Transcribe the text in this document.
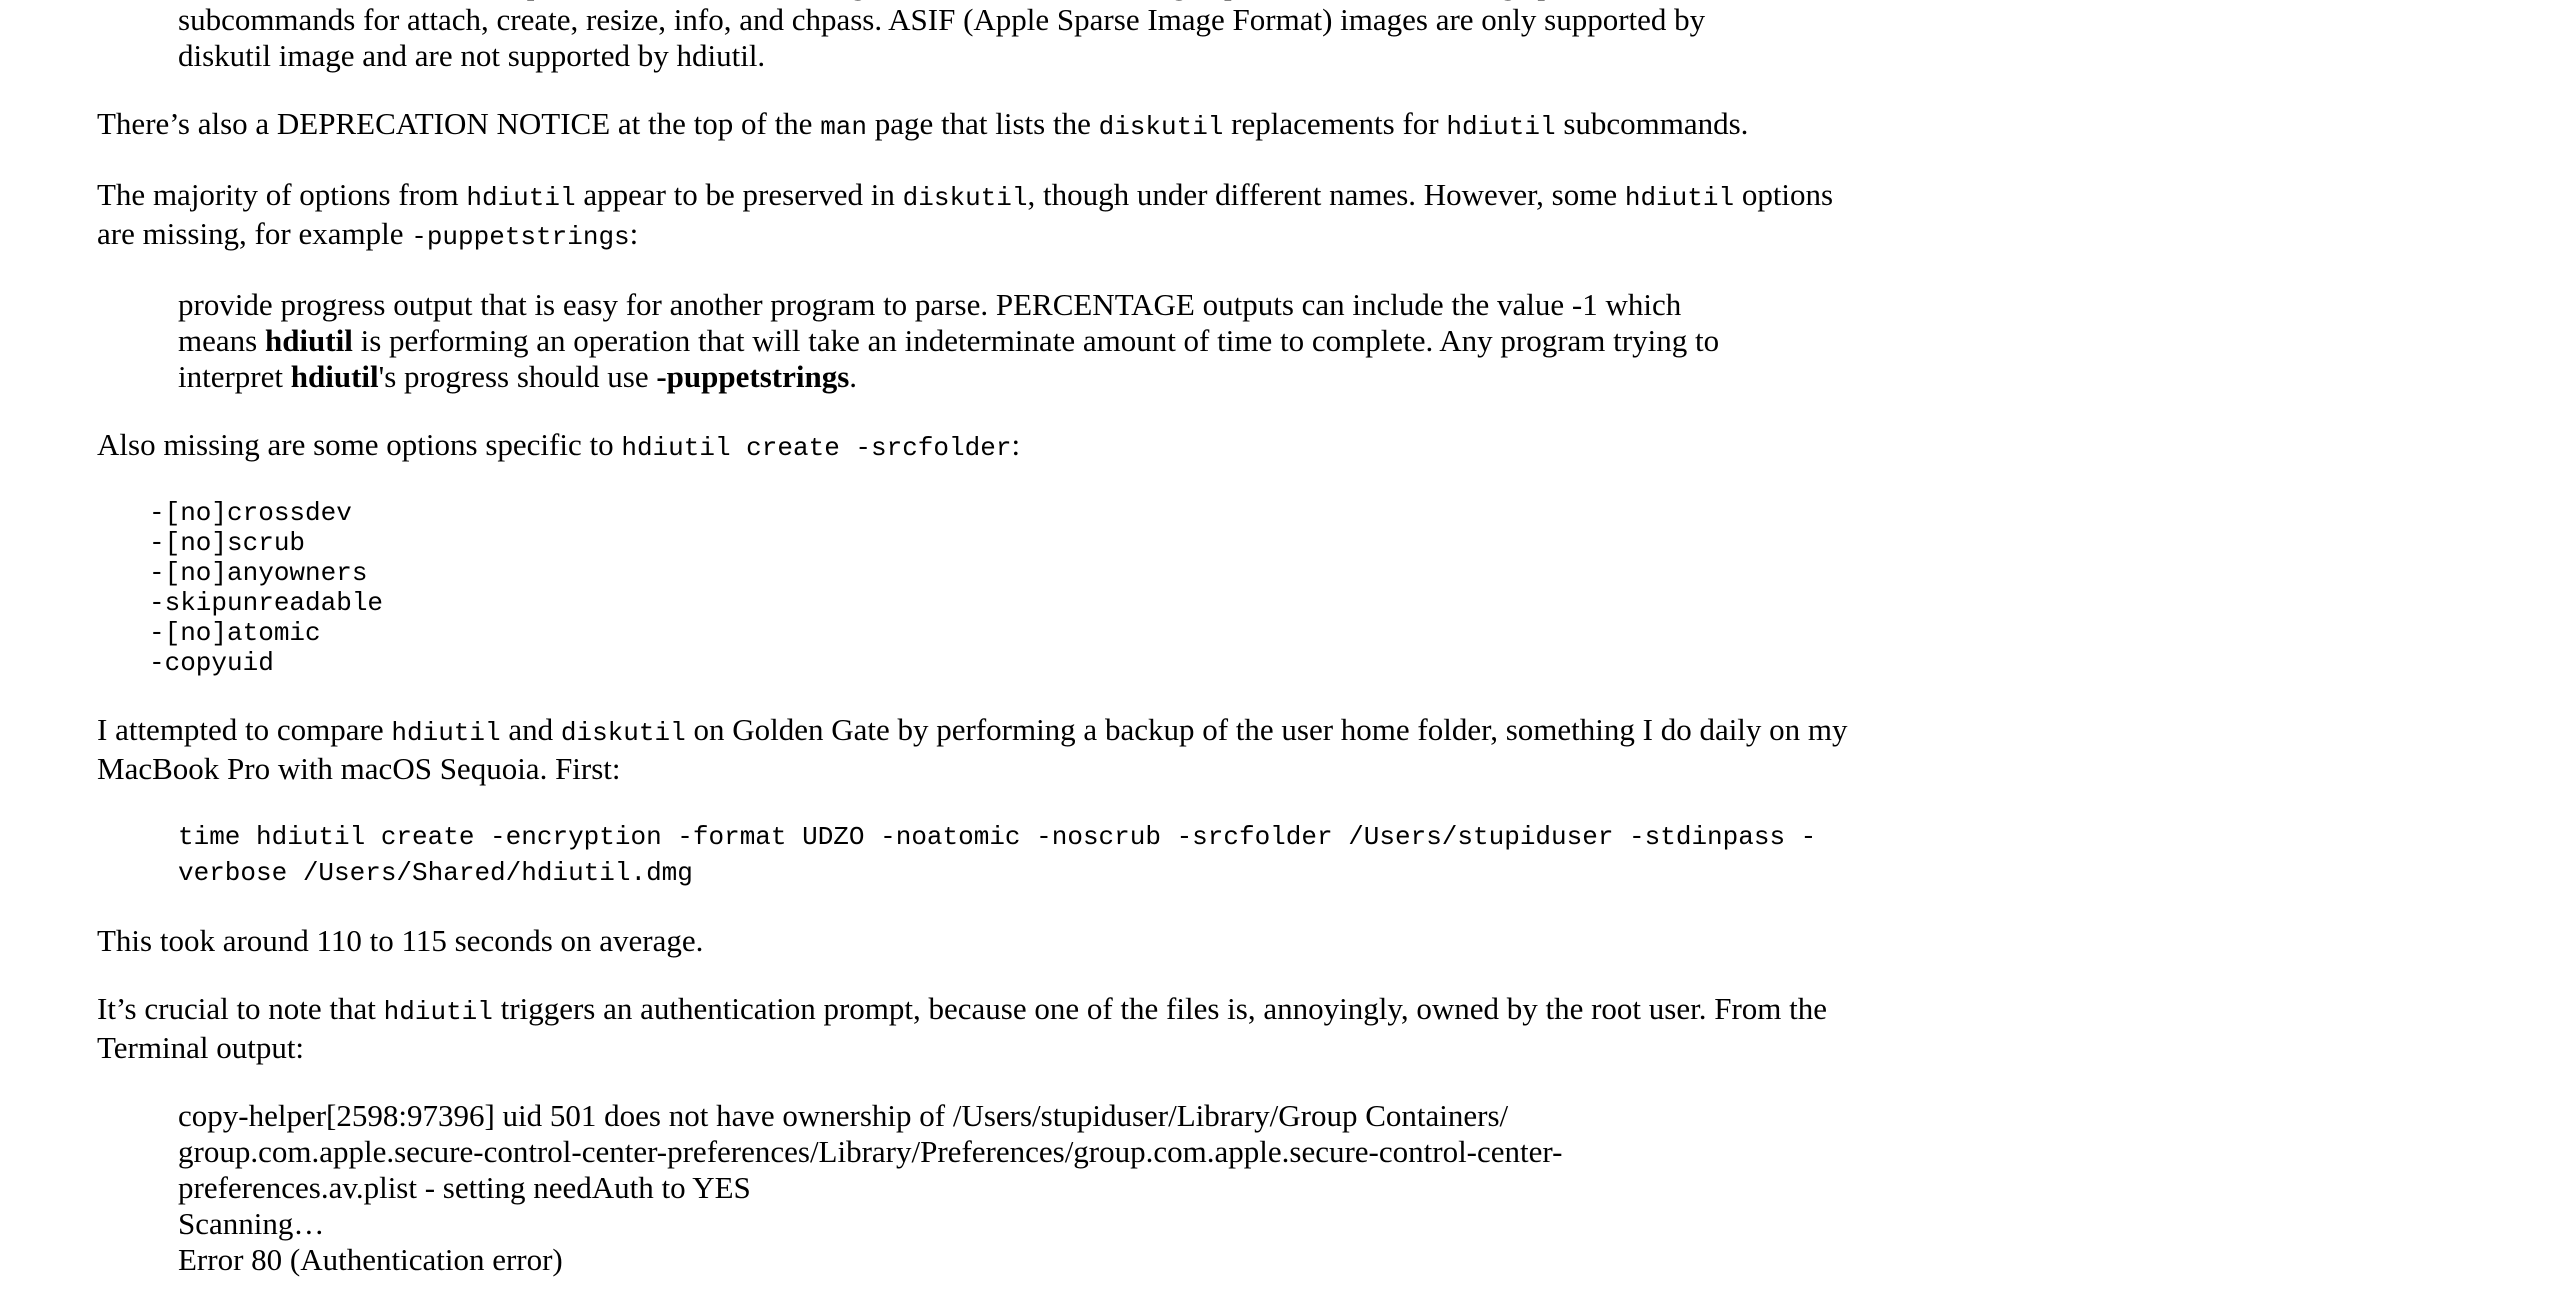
subcommands for attach, create, resize, info, and chpass. ASIF (Apple Sparse Image Format) images are only supported by

diskutil image and are not supported by hdiutil.

There’s also a DEPRECATION NOTICE at the top of the man page that lists the diskutil replacements for hdiutil subcommands.

The majority of options from hdiutil appear to be preserved in diskutil, though under different names. However, some hdiutil options
are missing, for example -puppetstrings:

provide progress output that is easy for another program to parse. PERCENTAGE outputs can include the value -1 which

means hdiutil is performing an operation that will take an indeterminate amount of time to complete. Any program trying to

interpret hdiutil's progress should use -puppetstrings.

Also missing are some options specific to hdiutil create -srcfolder:

-[no]crossdev
-[no]scrub
-[no]anyowners
-skipunreadable
-[no]atomic
-copyuid

I attempted to compare hdiutil and diskutil on Golden Gate by performing a backup of the user home folder, something I do daily on my
MacBook Pro with macOS Sequoia. First:

time hdiutil create -encryption -format UDZO -noatomic -noscrub -srcfolder /Users/stupiduser -stdinpass -
verbose /Users/Shared/hdiutil.dmg

This took around 110 to 115 seconds on average.

It’s crucial to note that hdiutil triggers an authentication prompt, because one of the files is, annoyingly, owned by the root user. From the
Terminal output:

copy-helper[2598:97396] uid 501 does not have ownership of /Users/stupiduser/Library/Group Containers/

group.com.apple.secure-control-center-preferences/Library/Preferences/group.com.apple.secure-control-center-

preferences.av.plist - setting needAuth to YES

Scanning…

Error 80 (Authentication error)
